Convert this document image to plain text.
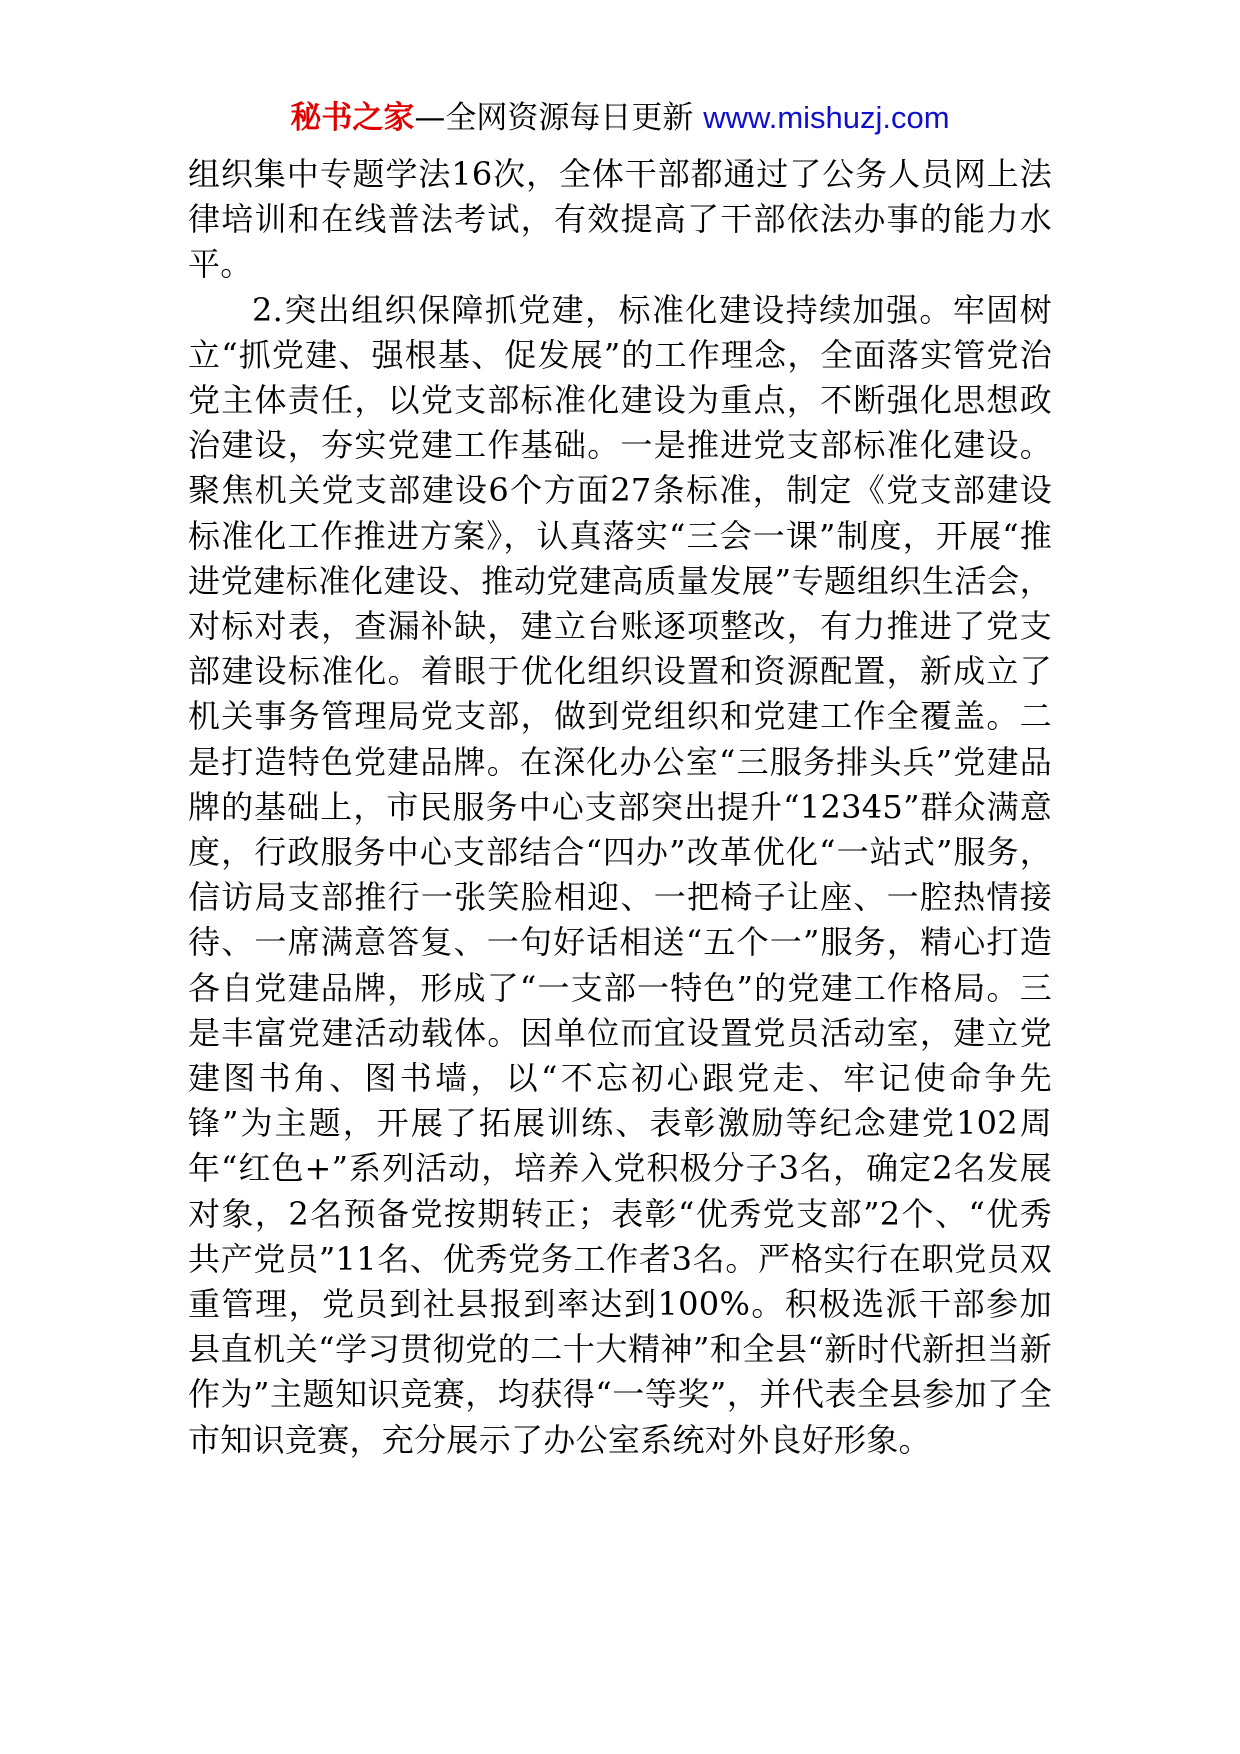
秘书之家—全网资源每日更新 www.mishuzj.com

组织集中专题学法16次，全体干部都通过了公务人员网上法律培训和在线普法考试，有效提高了干部依法办事的能力水平。

2.突出组织保障抓党建，标准化建设持续加强。牢固树立“抓党建、强根基、促发展”的工作理念，全面落实管党治党主体责任，以党支部标准化建设为重点，不断强化思想政治建设，夯实党建工作基础。一是推进党支部标准化建设。聚焦机关党支部建设6个方面27条标准，制定《党支部建设标准化工作推进方案》，认真落实“三会一课”制度，开展“推进党建标准化建设、推动党建高质量发展”专题组织生活会，对标对表，查漏补缺，建立台账逐项整改，有力推进了党支部建设标准化。着眼于优化组织设置和资源配置，新成立了机关事务管理局党支部，做到党组织和党建工作全覆盖。二是打造特色党建品牌。在深化办公室“三服务排头兵”党建品牌的基础上，市民服务中心支部突出提升“12345”群众满意度，行政服务中心支部结合“四办”改革优化“一站式”服务，信访局支部推行一张笑脸相迎、一把椅子让座、一腔热情接待、一席满意答复、一句好话相送“五个一”服务，精心打造各自党建品牌，形成了“一支部一特色”的党建工作格局。三是丰富党建活动载体。因单位而宜设置党员活动室，建立党建图书角、图书墙，以“不忘初心跟党走、牢记使命争先锋”为主题，开展了拓展训练、表彰激励等纪念建党102周年“红色+”系列活动，培养入党积极分子3名，确定2名发展对象，2名预备党按期转正；表彰“优秀党支部”2个、“优秀共产党员”11名、优秀党务工作者3名。严格实行在职党员双重管理，党员到社县报到率达到100%。积极选派干部参加县直机关“学习贯彻党的二十大精神”和全县“新时代新担当新作为”主题知识竞赛，均获得“一等奖”，并代表全县参加了全市知识竞赛，充分展示了办公室系统对外良好形象。
